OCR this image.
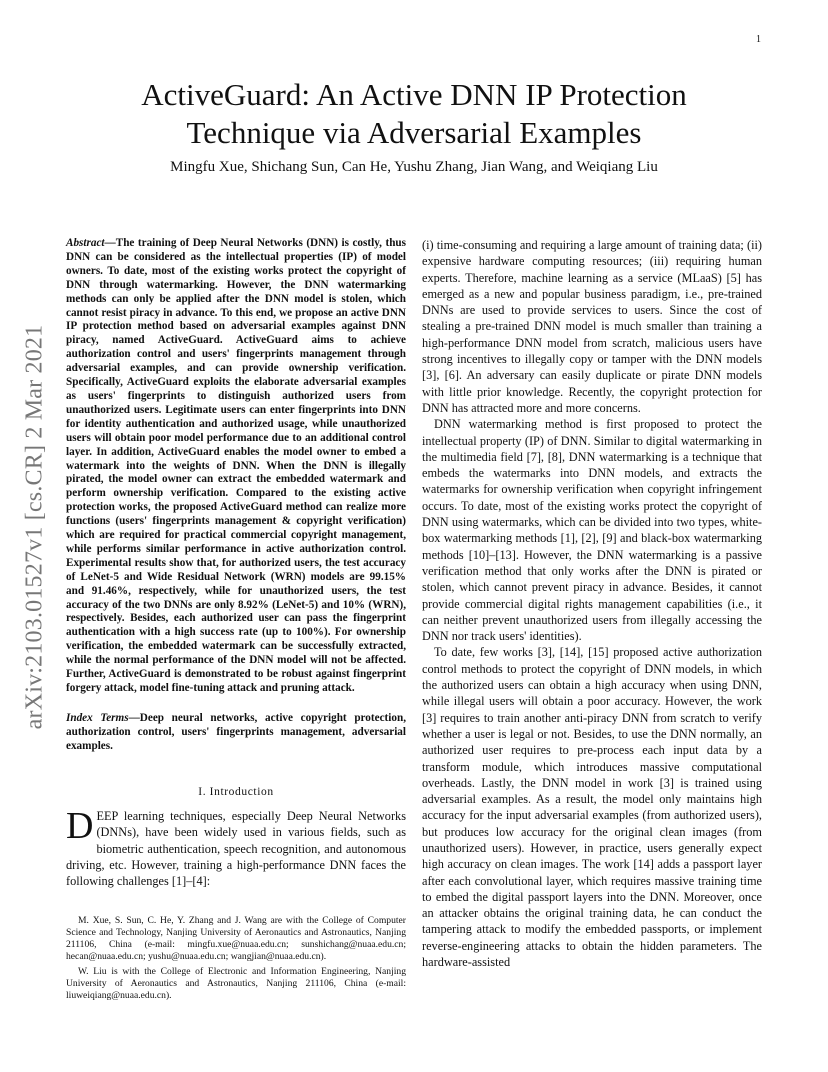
1
arXiv:2103.01527v1 [cs.CR] 2 Mar 2021
ActiveGuard: An Active DNN IP Protection
Technique via Adversarial Examples
Mingfu Xue, Shichang Sun, Can He, Yushu Zhang, Jian Wang, and Weiqiang Liu
Abstract—The training of Deep Neural Networks (DNN) is costly, thus DNN can be considered as the intellectual properties (IP) of model owners. To date, most of the existing works protect the copyright of DNN through watermarking. However, the DNN watermarking methods can only be applied after the DNN model is stolen, which cannot resist piracy in advance. To this end, we propose an active DNN IP protection method based on adversarial examples against DNN piracy, named ActiveGuard. ActiveGuard aims to achieve authorization control and users' fingerprints management through adversarial examples, and can provide ownership verification. Specifically, ActiveGuard exploits the elaborate adversarial examples as users' fingerprints to distinguish authorized users from unauthorized users. Legitimate users can enter fingerprints into DNN for identity authentication and authorized usage, while unauthorized users will obtain poor model performance due to an additional control layer. In addition, ActiveGuard enables the model owner to embed a watermark into the weights of DNN. When the DNN is illegally pirated, the model owner can extract the embedded watermark and perform ownership verification. Compared to the existing active protection works, the proposed ActiveGuard method can realize more functions (users' fingerprints management & copyright verification) which are required for practical commercial copyright management, while performs similar performance in active authorization control. Experimental results show that, for authorized users, the test accuracy of LeNet-5 and Wide Residual Network (WRN) models are 99.15% and 91.46%, respectively, while for unauthorized users, the test accuracy of the two DNNs are only 8.92% (LeNet-5) and 10% (WRN), respectively. Besides, each authorized user can pass the fingerprint authentication with a high success rate (up to 100%). For ownership verification, the embedded watermark can be successfully extracted, while the normal performance of the DNN model will not be affected. Further, ActiveGuard is demonstrated to be robust against fingerprint forgery attack, model fine-tuning attack and pruning attack.
Index Terms—Deep neural networks, active copyright protection, authorization control, users' fingerprints management, adversarial examples.
I. Introduction

DEEP learning techniques, especially Deep Neural Networks (DNNs), have been widely used in various fields, such as biometric authentication, speech recognition, and autonomous driving, etc. However, training a high-performance DNN faces the following challenges [1]–[4]:

M. Xue, S. Sun, C. He, Y. Zhang and J. Wang are with the College of Computer Science and Technology, Nanjing University of Aeronautics and Astronautics, Nanjing 211106, China (e-mail: mingfu.xue@nuaa.edu.cn; sunshichang@nuaa.edu.cn; hecan@nuaa.edu.cn; yushu@nuaa.edu.cn; wangjian@nuaa.edu.cn).

W. Liu is with the College of Electronic and Information Engineering, Nanjing University of Aeronautics and Astronautics, Nanjing 211106, China (e-mail: liuweiqiang@nuaa.edu.cn).

(i) time-consuming and requiring a large amount of training data; (ii) expensive hardware computing resources; (iii) requiring human experts. Therefore, machine learning as a service (MLaaS) [5] has emerged as a new and popular business paradigm, i.e., pre-trained DNNs are used to provide services to users. Since the cost of stealing a pre-trained DNN model is much smaller than training a high-performance DNN model from scratch, malicious users have strong incentives to illegally copy or tamper with the DNN models [3], [6]. An adversary can easily duplicate or pirate DNN models with little prior knowledge. Recently, the copyright protection for DNN has attracted more and more concerns.

DNN watermarking method is first proposed to protect the intellectual property (IP) of DNN. Similar to digital watermarking in the multimedia field [7], [8], DNN watermarking is a technique that embeds the watermarks into DNN models, and extracts the watermarks for ownership verification when copyright infringement occurs. To date, most of the existing works protect the copyright of DNN using watermarks, which can be divided into two types, white-box watermarking methods [1], [2], [9] and black-box watermarking methods [10]–[13]. However, the DNN watermarking is a passive verification method that only works after the DNN is pirated or stolen, which cannot prevent piracy in advance. Besides, it cannot provide commercial digital rights management capabilities (i.e., it can neither prevent unauthorized users from illegally accessing the DNN nor track users' identities).

To date, few works [3], [14], [15] proposed active authorization control methods to protect the copyright of DNN models, in which the authorized users can obtain a high accuracy when using DNN, while illegal users will obtain a poor accuracy. However, the work [3] requires to train another anti-piracy DNN from scratch to verify whether a user is legal or not. Besides, to use the DNN normally, an authorized user requires to pre-process each input data by a transform module, which introduces massive computational overheads. Lastly, the DNN model in work [3] is trained using adversarial examples. As a result, the model only maintains high accuracy for the input adversarial examples (from authorized users), but produces low accuracy for the original clean images (from unauthorized users). However, in practice, users generally expect high accuracy on clean images. The work [14] adds a passport layer after each convolutional layer, which requires massive training time to embed the digital passport layers into the DNN. Moreover, once an attacker obtains the original training data, he can conduct the tampering attack to modify the embedded passports, or implement reverse-engineering attacks to obtain the hidden parameters. The hardware-assisted
